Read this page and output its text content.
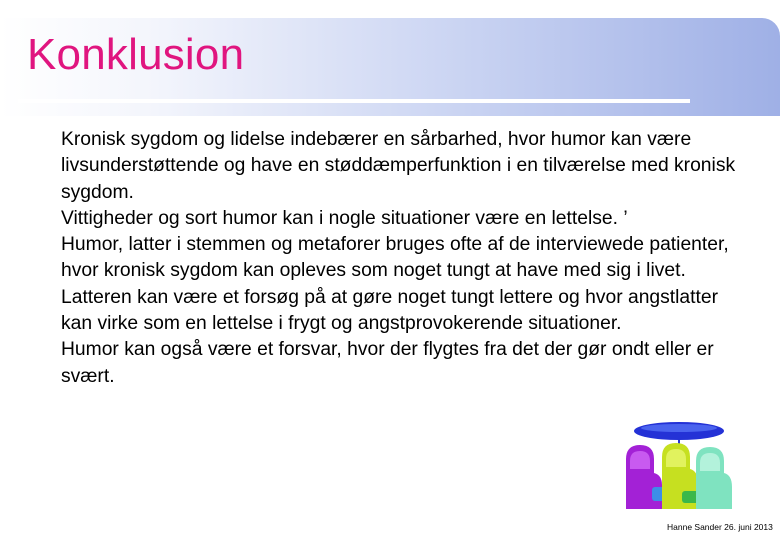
Konklusion

Kronisk sygdom og lidelse indebærer en sårbarhed, hvor humor kan være livsunderstøttende og have en støddæmperfunktion i en tilværelse med kronisk sygdom.

Vittigheder og sort humor kan i nogle situationer være en lettelse. ’

Humor, latter i stemmen og metaforer bruges ofte af de interviewede patienter, hvor kronisk sygdom kan opleves som noget tungt at have med sig i livet.

Latteren kan være et forsøg på at gøre noget tungt lettere og hvor angstlatter kan virke som en lettelse i frygt og angstprovokerende situationer.

Humor kan også være et forsvar, hvor der flygtes fra det der gør ondt eller er svært.

Hanne Sander 26. juni 2013
